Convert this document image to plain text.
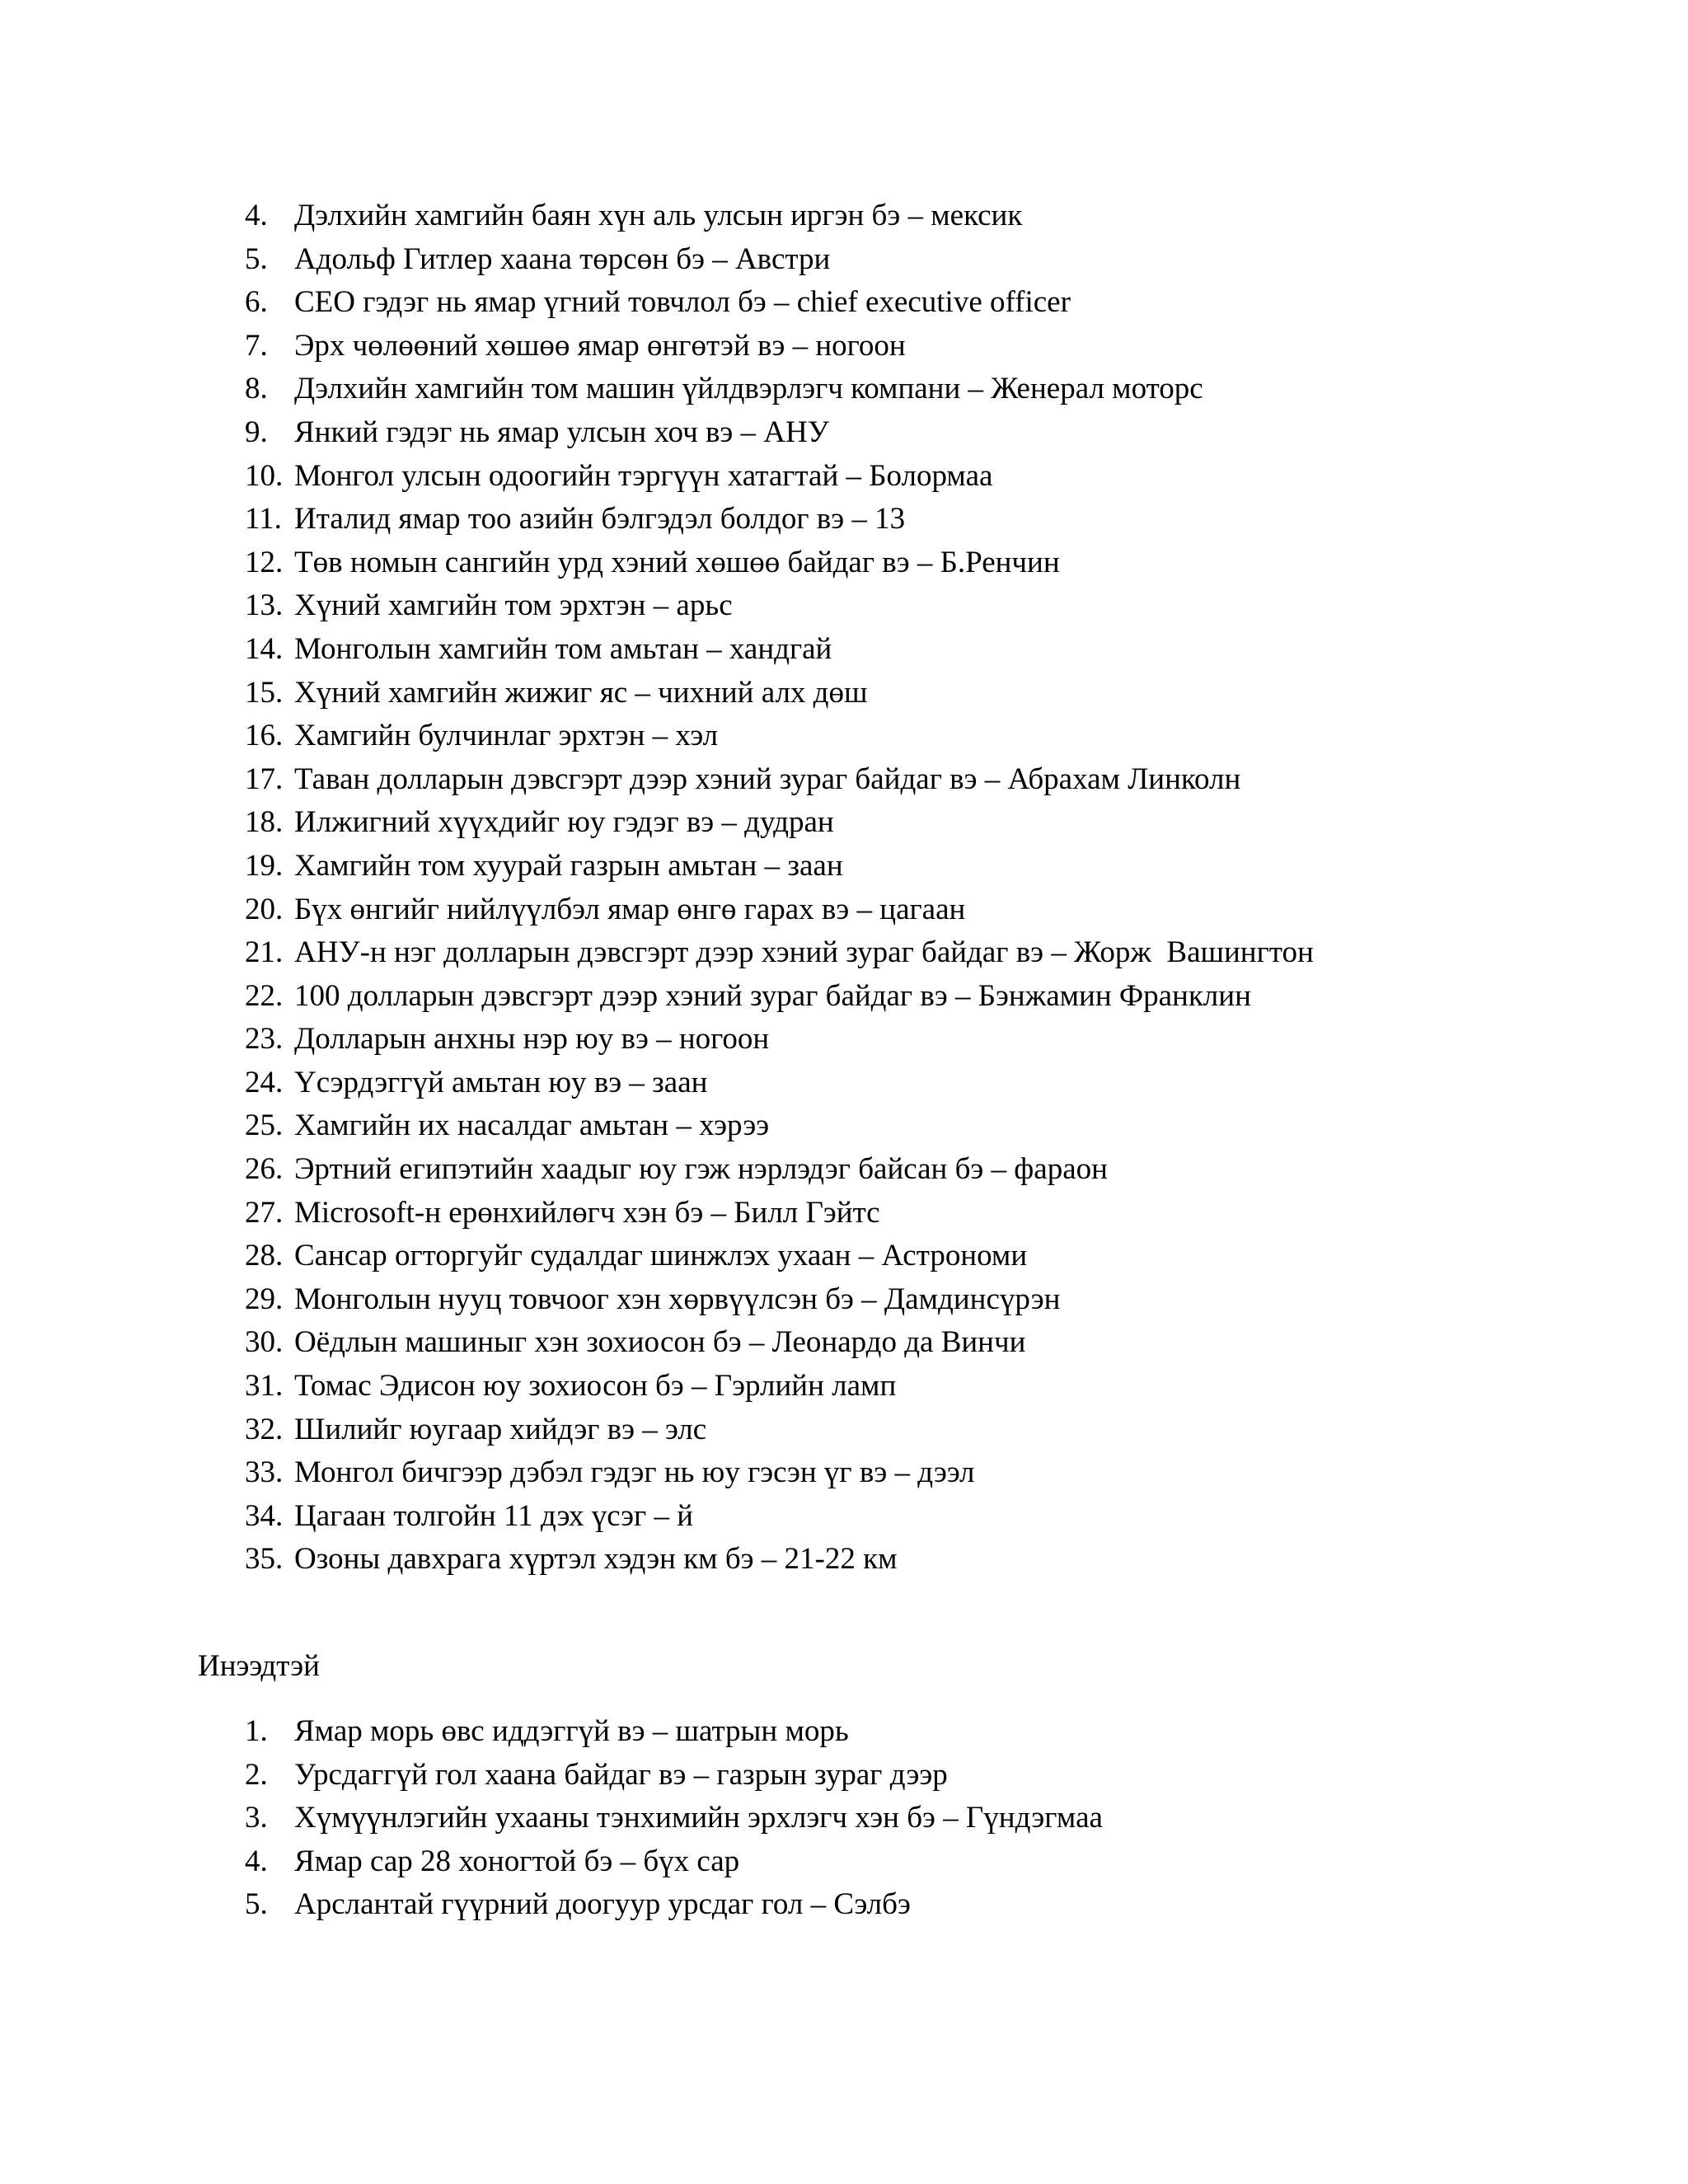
4. Дэлхийн хамгийн баян хүн аль улсын иргэн бэ – мексик
5. Адольф Гитлер хаана төрсөн бэ – Австри
6. CEO гэдэг нь ямар үгний товчлол бэ – chief executive officer
7. Эрх чөлөөний хөшөө ямар өнгөтэй вэ – ногоон
8. Дэлхийн хамгийн том машин үйлдвэрлэгч компани – Женерал моторс
9. Янкий гэдэг нь ямар улсын хоч вэ – АНУ
10. Монгол улсын одоогийн тэргүүн хатагтай – Болормаа
11. Италид ямар тоо азийн бэлгэдэл болдог вэ – 13
12. Төв номын сангийн урд хэний хөшөө байдаг вэ – Б.Ренчин
13. Хүний хамгийн том эрхтэн – арьс
14. Монголын хамгийн том амьтан – хандгай
15. Хүний хамгийн жижиг яс – чихний алх дөш
16. Хамгийн булчинлаг эрхтэн – хэл
17. Таван долларын дэвсгэрт дээр хэний зураг байдаг вэ – Абрахам Линколн
18. Илжигний хүүхдийг юу гэдэг вэ – дудран
19. Хамгийн том хуурай газрын амьтан – заан
20. Бүх өнгийг нийлүүлбэл ямар өнгө гарах вэ – цагаан
21. АНУ-н нэг долларын дэвсгэрт дээр хэний зураг байдаг вэ – Жорж  Вашингтон
22. 100 долларын дэвсгэрт дээр хэний зураг байдаг вэ – Бэнжамин Франклин
23. Долларын анхны нэр юу вэ – ногоон
24. Үсэрдэггүй амьтан юу вэ – заан
25. Хамгийн их насалдаг амьтан – хэрээ
26. Эртний египэтийн хаадыг юу гэж нэрлэдэг байсан бэ – фараон
27. Microsoft-н ерөнхийлөгч хэн бэ – Билл Гэйтс
28. Сансар огторгуйг судалдаг шинжлэх ухаан – Астрономи
29. Монголын нууц товчоог хэн хөрвүүлсэн бэ – Дамдинсүрэн
30. Оёдлын машиныг хэн зохиосон бэ – Леонардо да Винчи
31. Томас Эдисон юу зохиосон бэ – Гэрлийн ламп
32. Шилийг юугаар хийдэг вэ – элс
33. Монгол бичгээр дэбэл гэдэг нь юу гэсэн үг вэ – дээл
34. Цагаан толгойн 11 дэх үсэг – й
35. Озоны давхрага хүртэл хэдэн км бэ – 21-22 км
Инээдтэй
1. Ямар морь өвс иддэггүй вэ – шатрын морь
2. Урсдаггүй гол хаана байдаг вэ – газрын зураг дээр
3. Хүмүүнлэгийн ухааны тэнхимийн эрхлэгч хэн бэ – Гүндэгмаа
4. Ямар сар 28 хоногтой бэ – бүх сар
5. Арслантай гүүрний доогуур урсдаг гол – Сэлбэ
